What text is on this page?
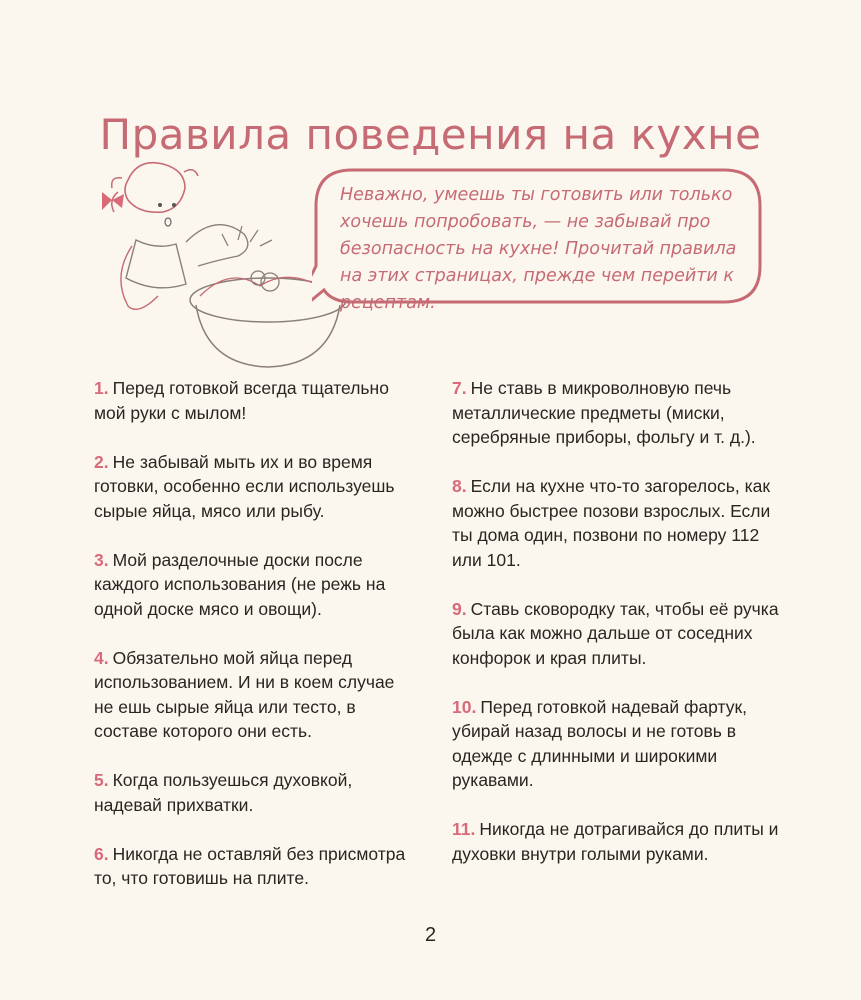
Правила поведения на кухне
Неважно, умеешь ты готовить или только хочешь попробовать, — не забывай про безопасность на кухне! Прочитай правила на этих страницах, прежде чем перейти к рецептам.

1. Перед готовкой всегда тщательно мой руки с мылом!

2. Не забывай мыть их и во время готовки, особенно если используешь сырые яйца, мясо или рыбу.

3. Мой разделочные доски после каждого использования (не режь на одной доске мясо и овощи).

4. Обязательно мой яйца перед использованием. И ни в коем случае не ешь сырые яйца или тесто, в составе которого они есть.

5. Когда пользуешься духовкой, надевай прихватки.

6. Никогда не оставляй без присмотра то, что готовишь на плите.

7. Не ставь в микроволновую печь металлические предметы (миски, серебряные приборы, фольгу и т. д.).

8. Если на кухне что-то загорелось, как можно быстрее позови взрослых. Если ты дома один, позвони по номеру 112 или 101.

9. Ставь сковородку так, чтобы её ручка была как можно дальше от соседних конфорок и края плиты.

10. Перед готовкой надевай фартук, убирай назад волосы и не готовь в одежде с длинными и широкими рукавами.

11. Никогда не дотрагивайся до плиты и духовки внутри голыми руками.

2
